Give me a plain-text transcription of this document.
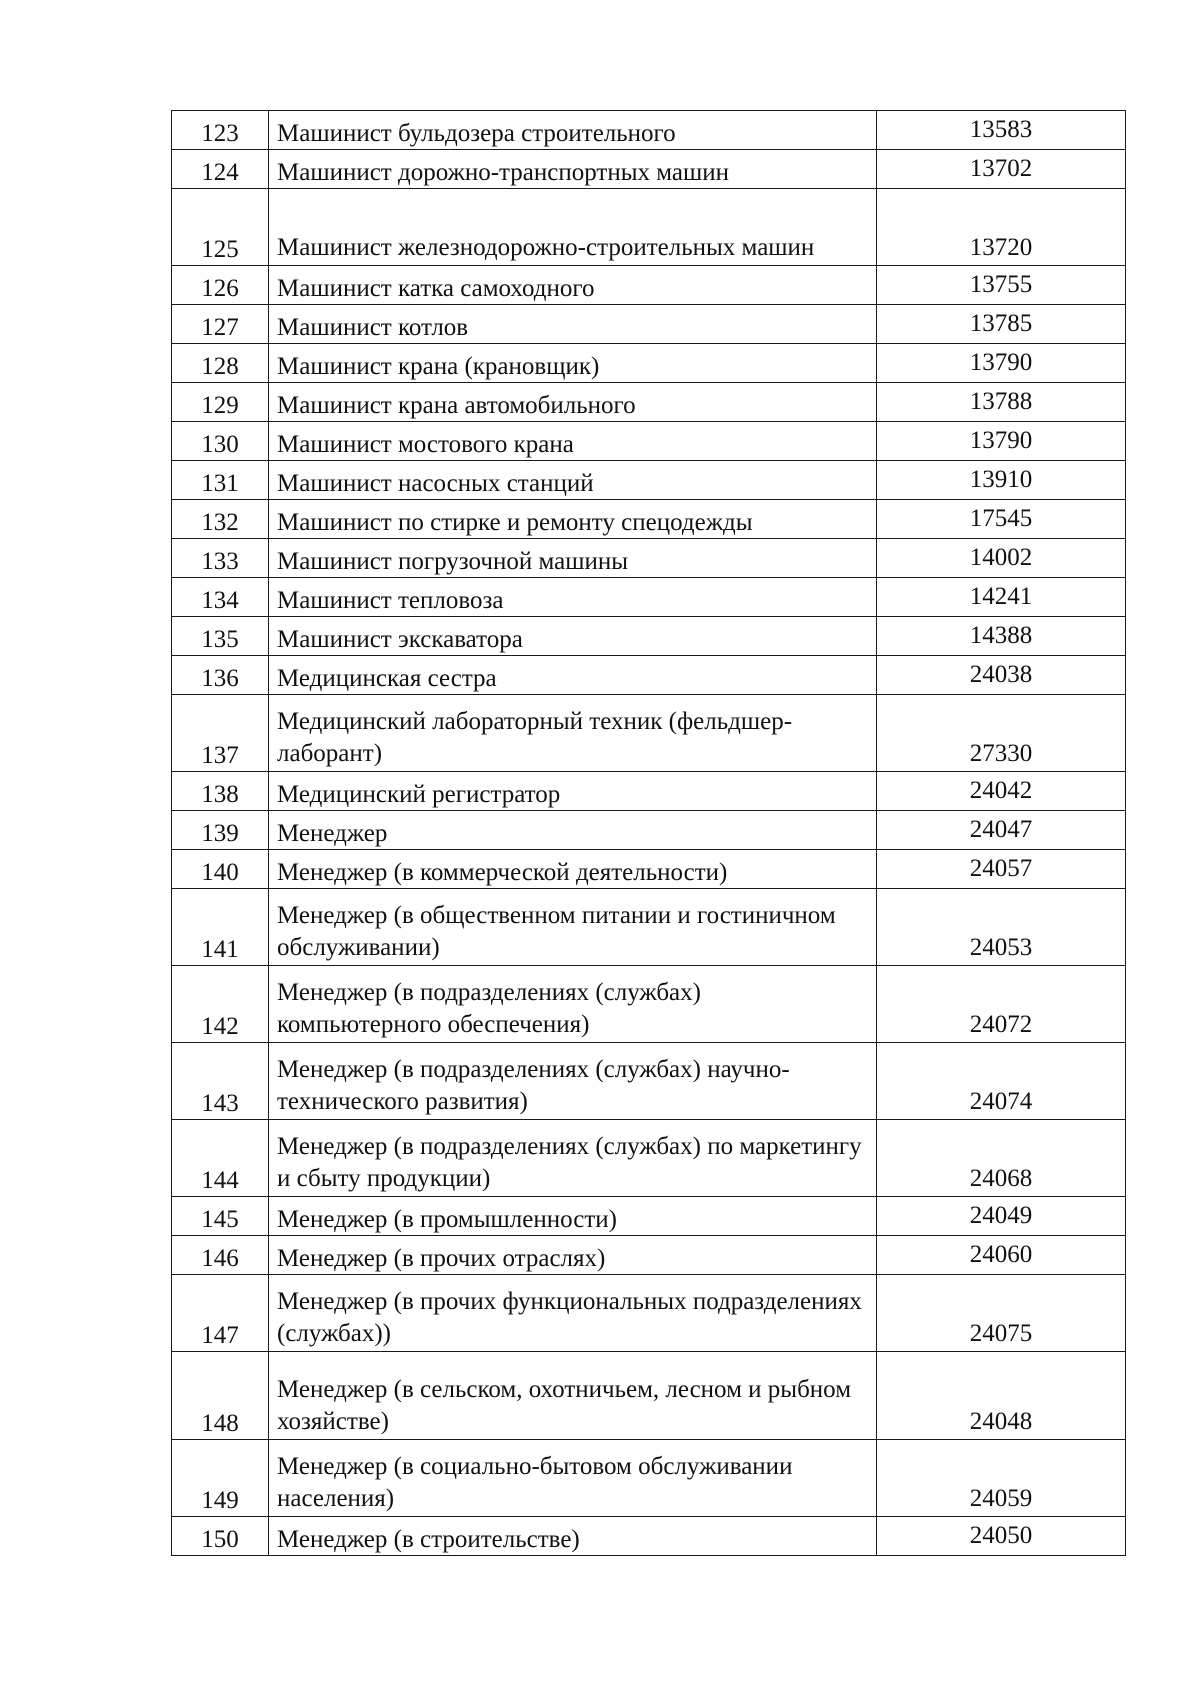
123	Машинист бульдозера строительного	13583
124	Машинист дорожно-транспортных машин	13702
125	Машинист железнодорожно-строительных машин	13720
126	Машинист катка самоходного	13755
127	Машинист котлов	13785
128	Машинист крана (крановщик)	13790
129	Машинист крана автомобильного	13788
130	Машинист мостового крана	13790
131	Машинист насосных станций	13910
132	Машинист по стирке и ремонту спецодежды	17545
133	Машинист погрузочной машины	14002
134	Машинист тепловоза	14241
135	Машинист экскаватора	14388
136	Медицинская сестра	24038
137	Медицинский лабораторный техник (фельдшер-лаборант)	27330
138	Медицинский регистратор	24042
139	Менеджер	24047
140	Менеджер (в коммерческой деятельности)	24057
141	Менеджер (в общественном питании и гостиничном обслуживании)	24053
142	Менеджер (в подразделениях (службах) компьютерного обеспечения)	24072
143	Менеджер (в подразделениях (службах) научно-технического развития)	24074
144	Менеджер (в подразделениях (службах) по маркетингу и сбыту продукции)	24068
145	Менеджер (в промышленности)	24049
146	Менеджер (в прочих отраслях)	24060
147	Менеджер (в прочих функциональных подразделениях (службах))	24075
148	Менеджер (в сельском, охотничьем, лесном и рыбном хозяйстве)	24048
149	Менеджер (в социально-бытовом обслуживании населения)	24059
150	Менеджер (в строительстве)	24050
